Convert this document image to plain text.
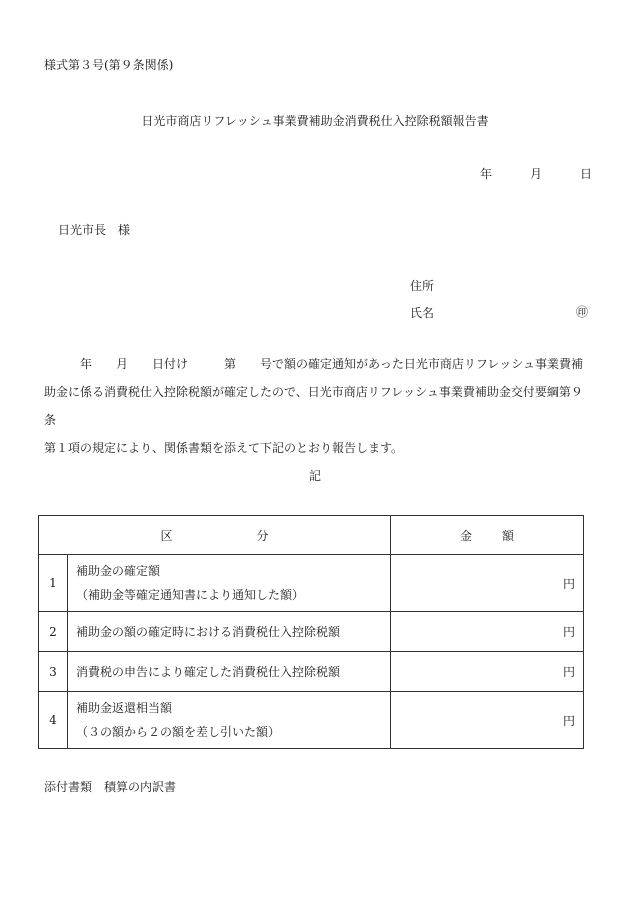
様式第３号(第９条関係)
日光市商店リフレッシュ事業費補助金消費税仕入控除税額報告書
年	月	日
日光市長　様
住所
氏名	㊞

年　　月　　日付け　　　第　　号で額の確定通知があった日光市商店リフレッシュ事業費補

助金に係る消費税仕入控除税額が確定したので、日光市商店リフレッシュ事業費補助金交付要綱第９条

第１項の規定により、関係書類を添えて下記のとおり報告します。

記
区 分		金 額
1	補助金の確定額
（補助金等確定通知書により通知した額）	円
2	補助金の額の確定時における消費税仕入控除税額	円
3	消費税の申告により確定した消費税仕入控除税額	円
4	補助金返還相当額
（３の額から２の額を差し引いた額）	円
添付書類　積算の内訳書
